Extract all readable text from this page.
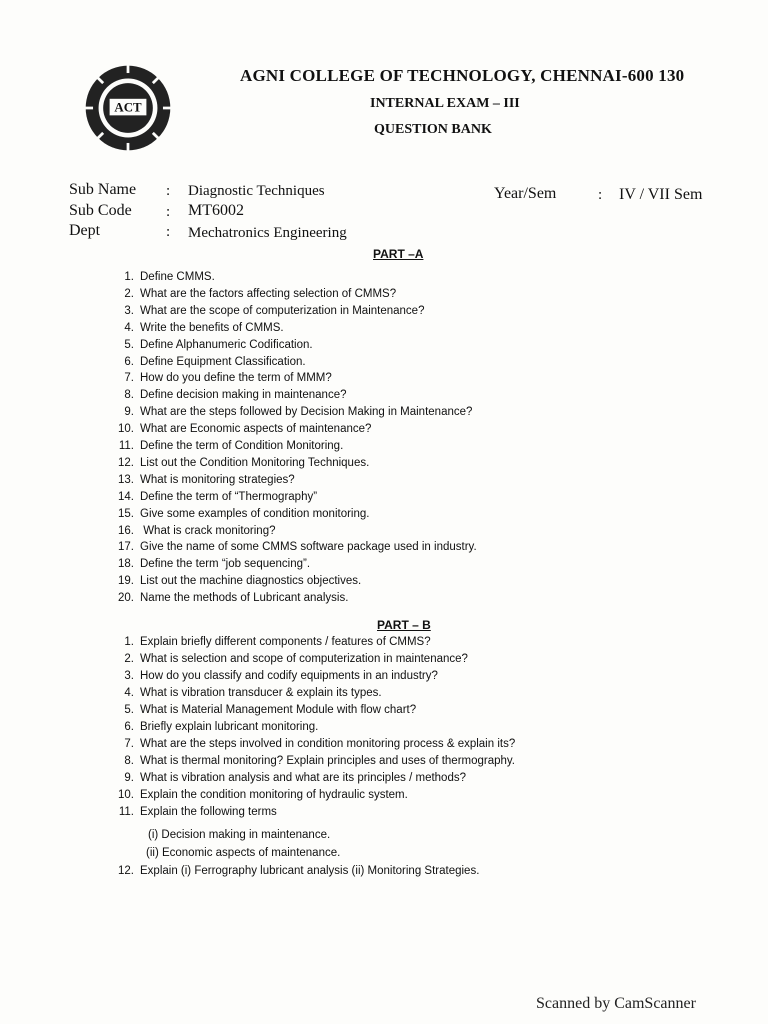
ACT
AGNI COLLEGE OF TECHNOLOGY, CHENNAI-600 130
INTERNAL EXAM – III
QUESTION BANK
Sub Name : Diagnostic Techniques
Sub Code : MT6002
Dept	: Mechatronics Engineering
Year/Sem	: IV / VII Sem
PART –A
1. Define CMMS.
2. What are the factors affecting selection of CMMS?
3. What are the scope of computerization in Maintenance?
4. Write the benefits of CMMS.
5. Define Alphanumeric Codification.
6. Define Equipment Classification.
7. How do you define the term of MMM?
8. Define decision making in maintenance?
9. What are the steps followed by Decision Making in Maintenance?
10. What are Economic aspects of maintenance?
11. Define the term of Condition Monitoring.
12. List out the Condition Monitoring Techniques.
13. What is monitoring strategies?
14. Define the term of “Thermography”
15. Give some examples of condition monitoring.
16. What is crack monitoring?
17. Give the name of some CMMS software package used in industry.
18. Define the term “job sequencing”.
19. List out the machine diagnostics objectives.
20. Name the methods of Lubricant analysis.
PART – B
1. Explain briefly different components / features of CMMS?
2. What is selection and scope of computerization in maintenance?
3. How do you classify and codify equipments in an industry?
4. What is vibration transducer & explain its types.
5. What is Material Management Module with flow chart?
6. Briefly explain lubricant monitoring.
7. What are the steps involved in condition monitoring process & explain its?
8. What is thermal monitoring? Explain principles and uses of thermography.
9. What is vibration analysis and what are its principles / methods?
10. Explain the condition monitoring of hydraulic system.
11. Explain the following terms
12. Explain (i) Ferrography lubricant analysis (ii) Monitoring Strategies.
(i) Decision making in maintenance.
(ii) Economic aspects of maintenance.
Scanned by CamScanner
